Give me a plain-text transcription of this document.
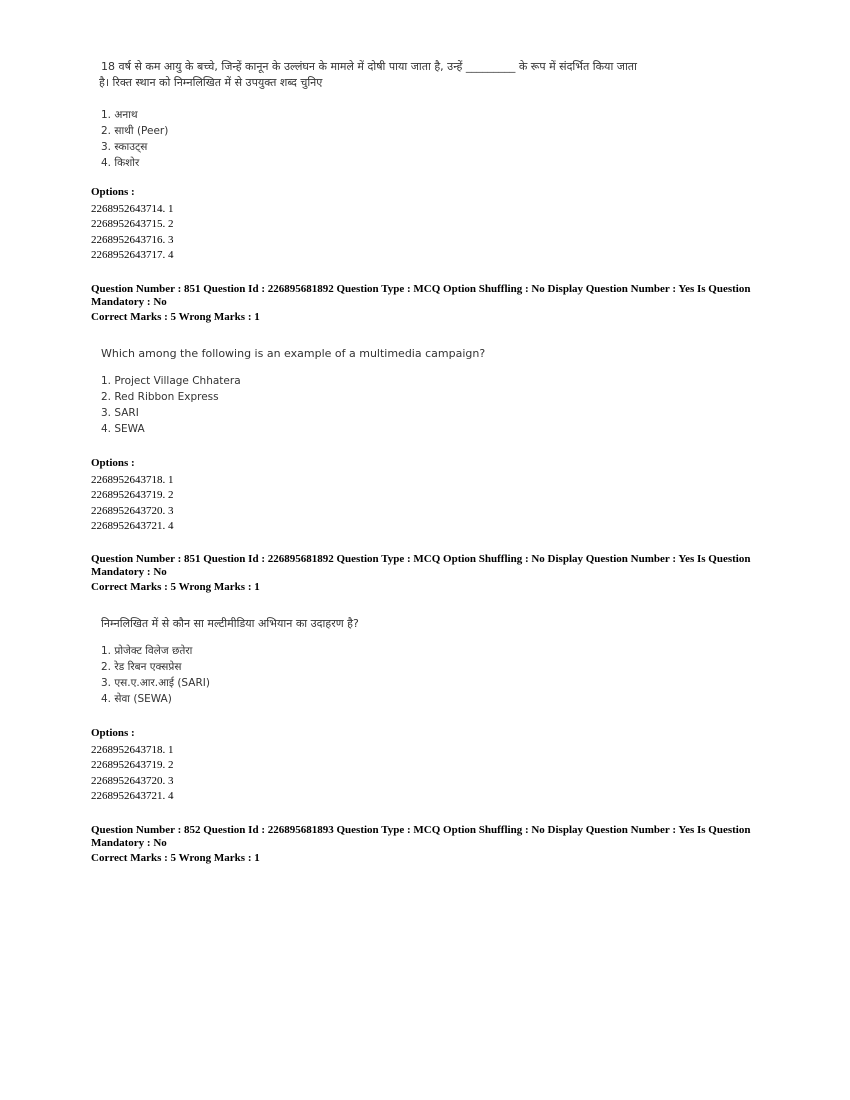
18 वर्ष से कम आयु के बच्चे, जिन्हें कानून के उल्लंघन के मामले में दोषी पाया जाता है, उन्हें _________ के रूप में संदर्भित किया जाता

है। रिक्त स्थान को निम्नलिखित में से उपयुक्त शब्द चुनिए

1. अनाथ
2. साथी (Peer)
3. स्काउट्स
4. किशोर
Options :
2268952643714. 1
2268952643715. 2
2268952643716. 3
2268952643717. 4
Question Number : 851 Question Id : 226895681892 Question Type : MCQ Option Shuffling : No Display Question Number : Yes Is Question
Mandatory : No
Correct Marks : 5 Wrong Marks : 1

Which among the following is an example of a multimedia campaign?

1. Project Village Chhatera
2. Red Ribbon Express
3. SARI
4. SEWA
Options :
2268952643718. 1
2268952643719. 2
2268952643720. 3
2268952643721. 4
Question Number : 851 Question Id : 226895681892 Question Type : MCQ Option Shuffling : No Display Question Number : Yes Is Question
Mandatory : No
Correct Marks : 5 Wrong Marks : 1

निम्नलिखित में से कौन सा मल्टीमीडिया अभियान का उदाहरण है?

1. प्रोजेक्ट विलेज छतेरा
2. रेड रिबन एक्सप्रेस
3. एस.ए.आर.आई (SARI)
4. सेवा (SEWA)
Options :
2268952643718. 1
2268952643719. 2
2268952643720. 3
2268952643721. 4
Question Number : 852 Question Id : 226895681893 Question Type : MCQ Option Shuffling : No Display Question Number : Yes Is Question
Mandatory : No
Correct Marks : 5 Wrong Marks : 1
